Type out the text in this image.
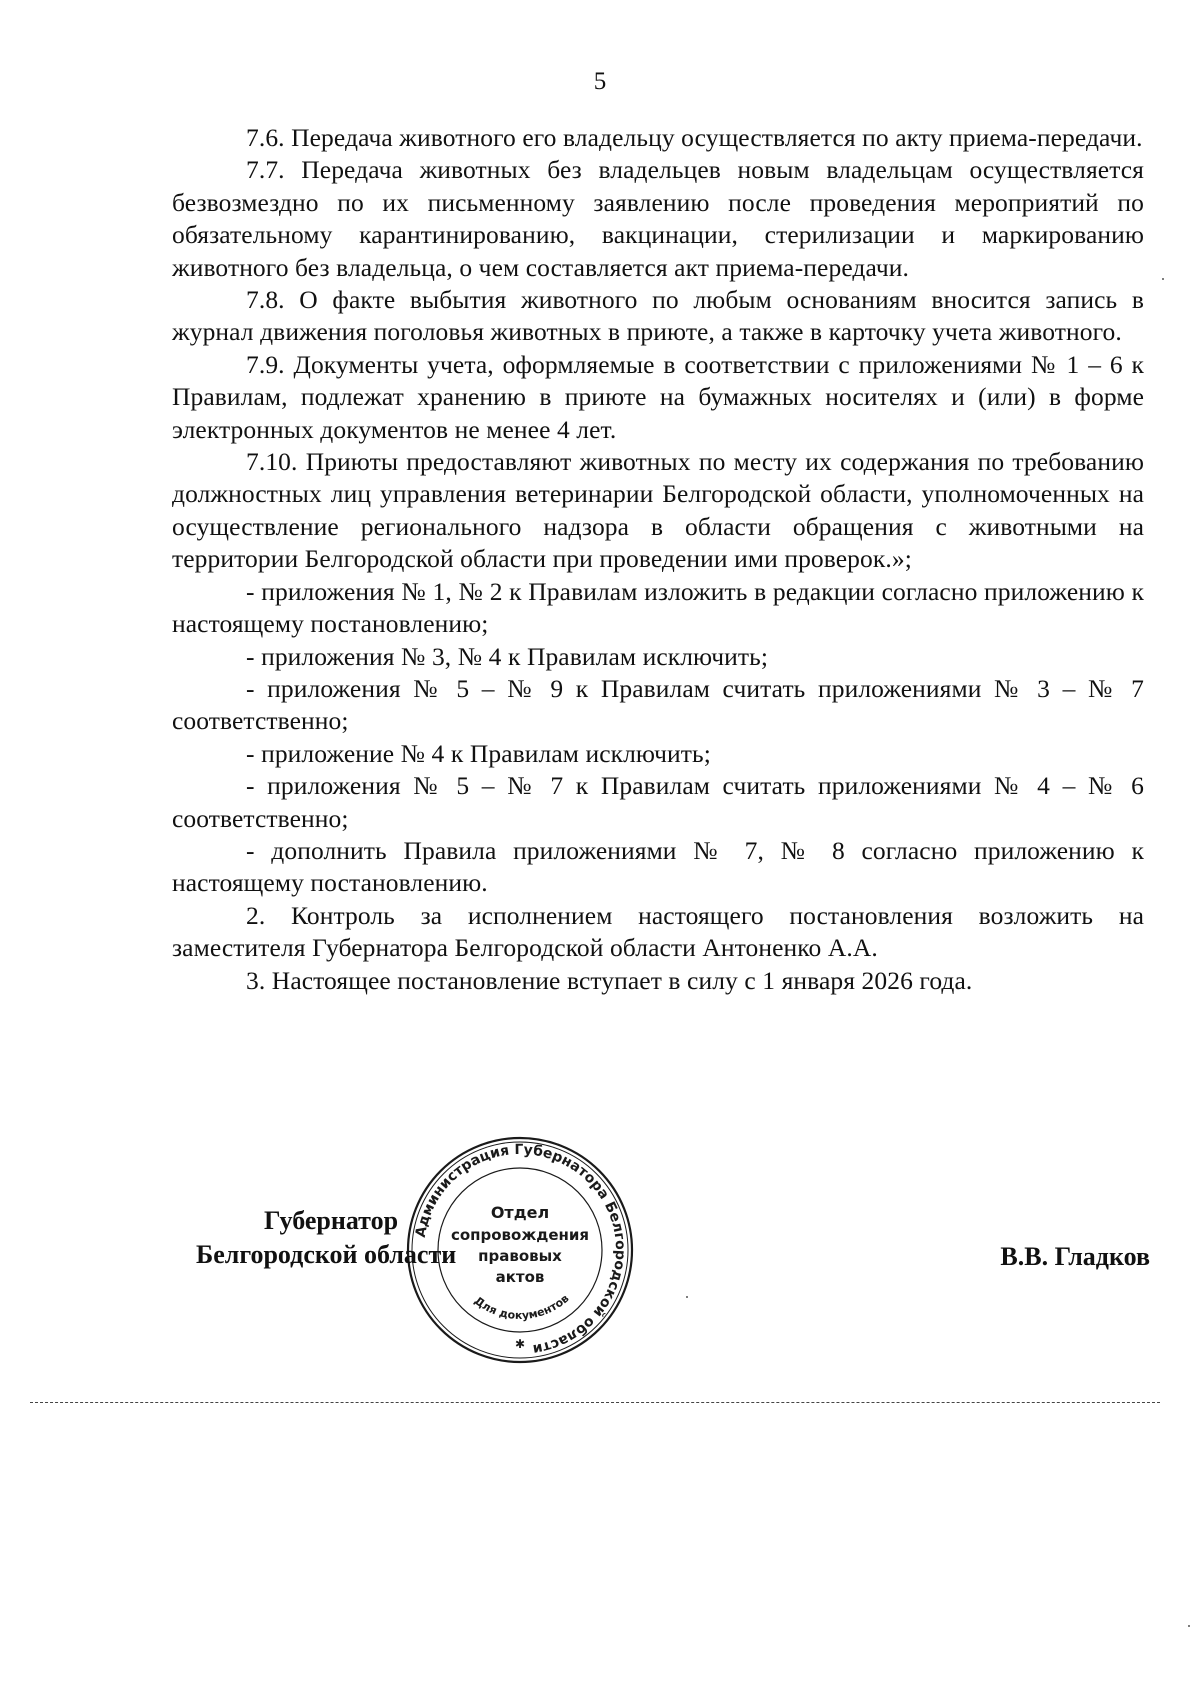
5

7.6. Передача животного его владельцу осуществляется по акту приема-передачи.

7.7. Передача животных без владельцев новым владельцам осуществляется безвозмездно по их письменному заявлению после проведения мероприятий по обязательному карантинированию, вакцинации, стерилизации и маркированию животного без владельца, о чем составляется акт приема-передачи.

7.8. О факте выбытия животного по любым основаниям вносится запись в журнал движения поголовья животных в приюте, а также в карточку учета животного.

7.9. Документы учета, оформляемые в соответствии с приложениями № 1 – 6 к Правилам, подлежат хранению в приюте на бумажных носителях и (или) в форме электронных документов не менее 4 лет.

7.10. Приюты предоставляют животных по месту их содержания по требованию должностных лиц управления ветеринарии Белгородской области, уполномоченных на осуществление регионального надзора в области обращения с животными на территории Белгородской области при проведении ими проверок.»;

- приложения № 1, № 2 к Правилам изложить в редакции согласно приложению к настоящему постановлению;

- приложения № 3, № 4 к Правилам исключить;

- приложения № 5 – № 9 к Правилам считать приложениями № 3 – № 7 соответственно;

- приложение № 4 к Правилам исключить;

- приложения № 5 – № 7 к Правилам считать приложениями № 4 – № 6 соответственно;

- дополнить Правила приложениями № 7, № 8 согласно приложению к настоящему постановлению.

2. Контроль за исполнением настоящего постановления возложить на заместителя Губернатора Белгородской области Антоненко А.А.

3. Настоящее постановление вступает в силу с 1 января 2026 года.

Администрация Губернатора Белгородской области
Отдел
сопровождения
правовых
актов
Для документов
✱
Губернатор
Белгородской области	В.В. Гладков
